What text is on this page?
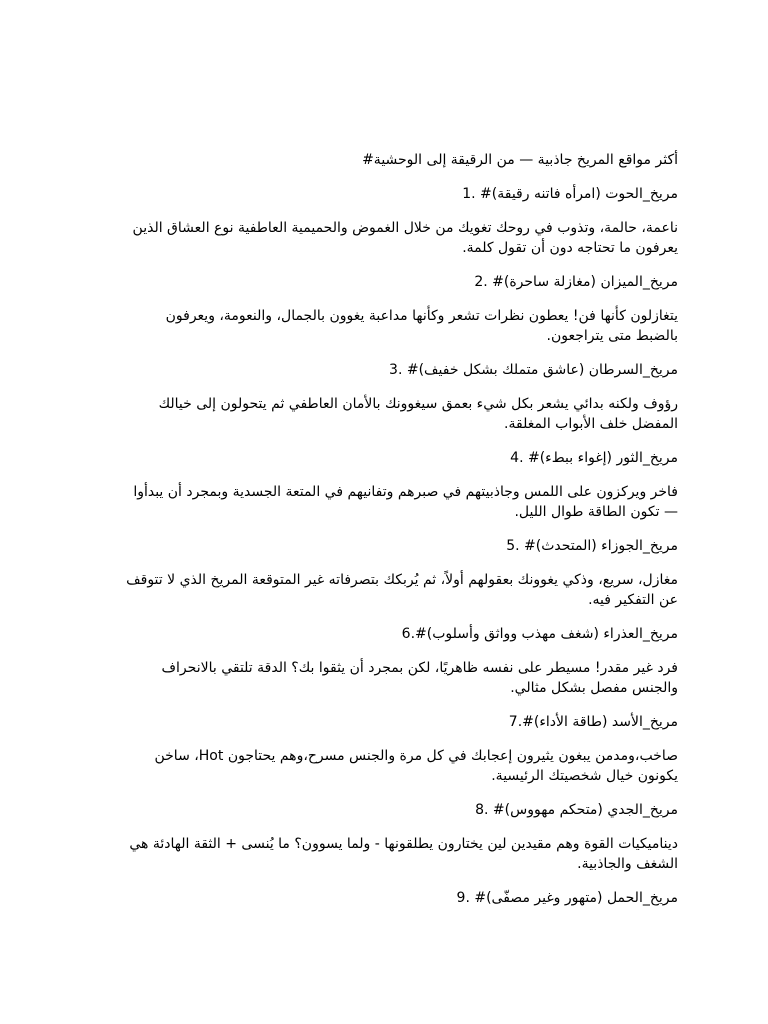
أكثر مواقع المريخ جاذبية — من الرقيقة إلى الوحشية#
مريخ_الحوت (امرأه فاتنه رقيقة)# .1
ناعمة، حالمة، وتذوب في روحك تغويك من خلال الغموض والحميمية العاطفية نوع العشاق الذين
يعرفون ما تحتاجه دون أن تقول كلمة.
مريخ_الميزان (مغازلة ساحرة)# .2
يتغازلون كأنها فن! يعطون نظرات تشعر وكأنها مداعبة يغوون بالجمال، والنعومة، ويعرفون
بالضبط متى يتراجعون.
مريخ_السرطان (عاشق متملك بشكل خفيف)# .3
رؤوف ولكنه بدائي يشعر بكل شيء بعمق سيغوونك بالأمان العاطفي ثم يتحولون إلى خيالك
المفضل خلف الأبواب المغلقة.
مريخ_الثور (إغواء ببطء)# .4
فاخر ويركزون على اللمس وجاذبيتهم في صبرهم وتفانيهم في المتعة الجسدية وبمجرد أن يبدأوا
— تكون الطاقة طوال الليل.
مريخ_الجوزاء (المتحدث)# .5
مغازل، سريع، وذكي يغوونك بعقولهم أولاً، ثم يُربكك بتصرفاته غير المتوقعة المريخ الذي لا تتوقف
عن التفكير فيه.
مريخ_العذراء (شغف مهذب وواثق وأسلوب)#.6
فرد غير مقدر! مسيطر على نفسه ظاهريًا، لكن بمجرد أن يثقوا بك؟ الدقة تلتقي بالانحراف
والجنس مفصل بشكل مثالي.
مريخ_الأسد (طاقة الأداء)#.7
صاخب،ومدمن يبغون يثيرون إعجابك في كل مرة والجنس مسرح،وهم يحتاجون Hot، ساخن
يكونون خيال شخصيتك الرئيسية.
مريخ_الجدي (متحكم مهووس)# .8
ديناميكيات القوة وهم مقيدين لين يختارون يطلقونها - ولما يسوون؟ ما يُنسى + الثقة الهادئة هي
الشغف والجاذبية.
مريخ_الحمل (متهور وغير مصفّى)# .9
